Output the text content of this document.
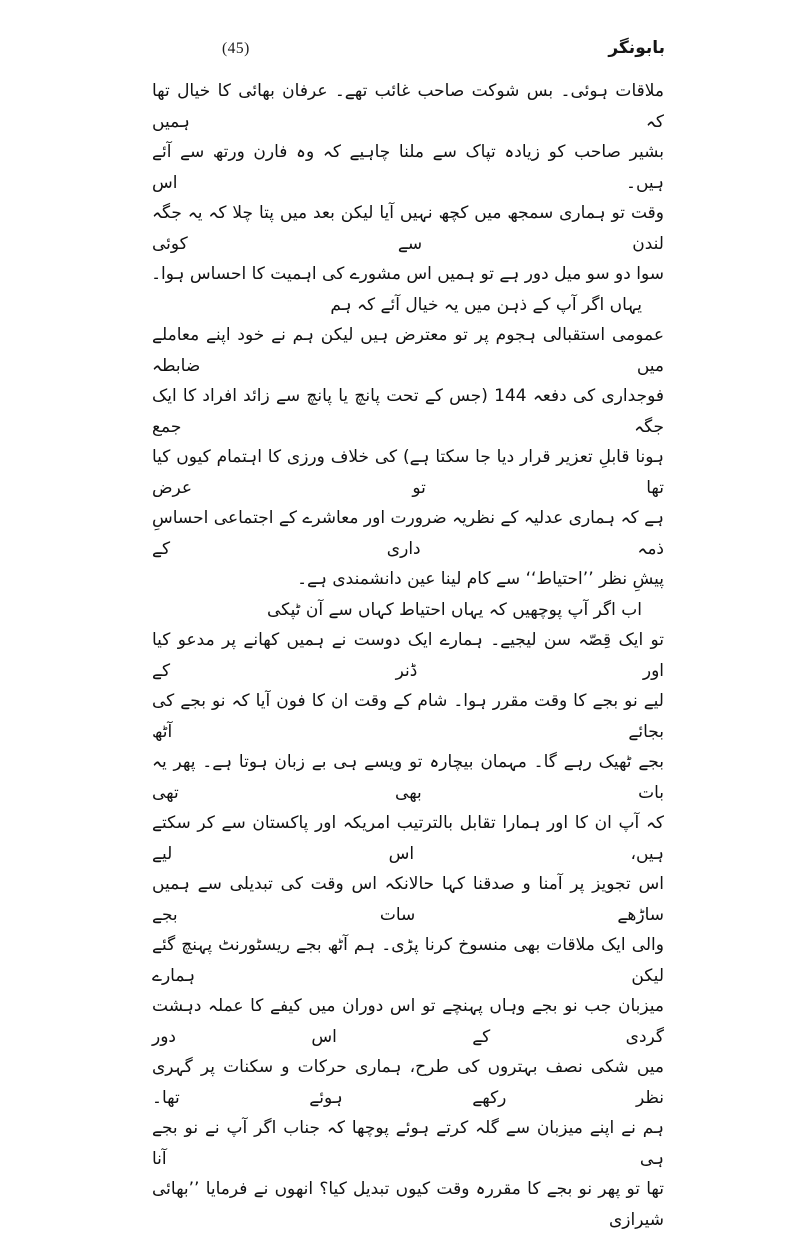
(45)	بابونگر
ملاقات ہوئی۔ بس شوکت صاحب غائب تھے۔ عرفان بھائی کا خیال تھا کہ ہمیں
بشیر صاحب کو زیادہ تپاک سے ملنا چاہیے کہ وہ فارن ورتھ سے آئے ہیں۔ اس
وقت تو ہماری سمجھ میں کچھ نہیں آیا لیکن بعد میں پتا چلا کہ یہ جگہ لندن سے کوئی
سوا دو سو میل دور ہے تو ہمیں اس مشورے کی اہمیت کا احساس ہوا۔
یہاں اگر آپ کے ذہن میں یہ خیال آئے کہ ہم
عمومی استقبالی ہجوم پر تو معترض ہیں لیکن ہم نے خود اپنے معاملے میں ضابطہ
فوجداری کی دفعہ 144 (جس کے تحت پانچ یا پانچ سے زائد افراد کا ایک جگہ جمع
ہونا قابلِ تعزیر قرار دیا جا سکتا ہے) کی خلاف ورزی کا اہتمام کیوں کیا تھا تو عرض
ہے کہ ہماری عدلیہ کے نظریہ ضرورت اور معاشرے کے اجتماعی احساسِ ذمہ داری کے
پیشِ نظر ’’احتیاط‘‘ سے کام لینا عین دانشمندی ہے۔
اب اگر آپ پوچھیں کہ یہاں احتیاط کہاں سے آن ٹپکی
تو ایک قِصّہ سن لیجیے۔ ہمارے ایک دوست نے ہمیں کھانے پر مدعو کیا اور ڈنر کے
لیے نو بجے کا وقت مقرر ہوا۔ شام کے وقت ان کا فون آیا کہ نو بجے کی بجائے آٹھ
بجے ٹھیک رہے گا۔ مہمان بیچارہ تو ویسے ہی بے زبان ہوتا ہے۔ پھر یہ بات بھی تھی
کہ آپ ان کا اور ہمارا تقابل بالترتیب امریکہ اور پاکستان سے کر سکتے ہیں، اس لیے
اس تجویز پر آمنا و صدقنا کہا حالانکہ اس وقت کی تبدیلی سے ہمیں ساڑھے سات بجے
والی ایک ملاقات بھی منسوخ کرنا پڑی۔ ہم آٹھ بجے ریسٹورنٹ پہنچ گئے لیکن ہمارے
میزبان جب نو بجے وہاں پہنچے تو اس دوران میں کیفے کا عملہ دہشت گردی کے اس دور
میں شکی نصف بہتروں کی طرح، ہماری حرکات و سکنات پر گہری نظر رکھے ہوئے تھا۔
ہم نے اپنے میزبان سے گلہ کرتے ہوئے پوچھا کہ جناب اگر آپ نے نو بجے ہی آنا
تھا تو پھر نو بجے کا مقررہ وقت کیوں تبدیل کیا؟ انھوں نے فرمایا ’’بھائی شیرازی
